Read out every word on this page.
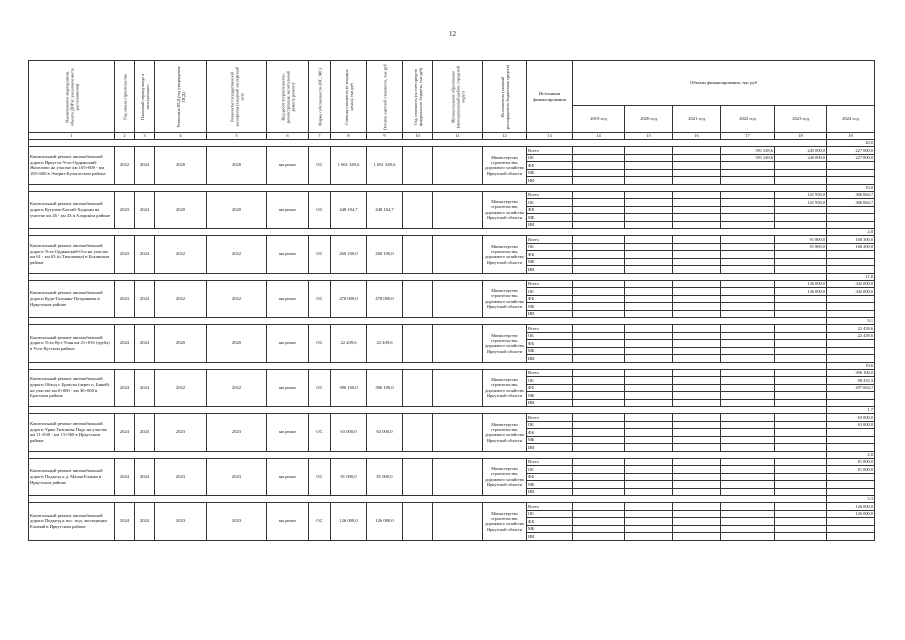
12
Наименование мероприятия, объекта ДОР (с указанием места расположения)	Год начала строительства	Плановый период ввода в эксплуатацию	Реквизиты ПСД (год утверждения ПСД)	Реквизиты государственной экспертизы (сводный экспертный акт)	Вид работ (строительство, реконструкция, капитальный ремонт, ремонт)	Форма собственности (ОС, МС)	Сметная стоимость (в текущих ценах), тыс руб	Остаток сметной стоимости, тыс руб	Год, стоимость (за счет средств федерального бюджета, тыс руб)	Муниципальное образование (муниципальный район, городской округ)	Исполнитель (главный распорядитель бюджетных средств)	Источники финансирования	Объемы финансирования, тыс руб					
													2019 год	2020 год	2021 год	2022 год	2023 год	2024 год
1	2	3	4	5	6	7	8	9	10	11	12	13	14	15	16	17	18	19
																		20,0
Капитальный ремонт автомобильной дороги Иркутск-Усть-Ордынский-Жигалово на участке км 165+600 - км 185+600 в Эхирит-Булагатском районе	2022	2024	2020	2020	кап.ремонт	ОС	1 061 349,6	1 061 349,6			Министерство строительства, дорожного хозяйства Иркутской области	Всего				591 349,6	245 000,0	227 000,0
												ОБ				591 349,6	240 000,0	227 000,0
												ФБ						
												МБ						
												ИИ						
																		19,0
Капитальный ремонт автомобильной дороги Кутулик-Бахтай-Хадахан на участке км 26 - км 43 в Аларском районе	2023	2024	2020	2020	кап.ремонт	ОС	448 104,7	448 104,7			Министерство строительства, дорожного хозяйства Иркутской области	Всего					141 950,0	306 064,7
												ОБ					141 950,0	306 064,7
												ФБ						
												МБ						
												ИИ						
																		2,0
Капитальный ремонт автомобильной дороги Усть-Ордынский-Оса на участке км 61 - км 65 (п.Тихоновка) в Боханском районе	2023	2024	2022	2022	кап.ремонт	ОС	260 100,0	260 100,0			Министерство строительства, дорожного хозяйства Иркутской области	Всего					91 800,0	168 300,0
												ОБ					91 800,0	168 300,0
												ФБ						
												МБ						
												ИИ						
																		11,8
Капитальный ремонт автомобильной дороги Куда-Тальяны-Позднякова в Иркутском районе	2023	2024	2022	2022	кап.ремонт	ОС	478 000,0	478 000,0			Министерство строительства, дорожного хозяйства Иркутской области	Всего					136 000,0	342 000,0
												ОБ					136 000,0	342 000,0
												ФБ						
												МБ						
												ИИ						
																		9,1
Капитальный ремонт автомобильной дороги Усть-Кут-Уоян км 21+816 (труба) в Усть-Кутском районе	2024	2024	2020	2020	кап.ремонт	ОС	22 439,6	22 439,6			Министерство строительства, дорожного хозяйства Иркутской области	Всего						22 439,6
												ОБ						22 439,6
												ФБ						
												МБ						
												ИИ						
																		19,6
Капитальный ремонт автомобильной дороги Обход г. Братска (через п. Бикей) на участке км 0+000 - км 30+000 в Братском районе	2024	2024	2022	2022	кап.ремонт	ОС	396 100,0	396 100,0			Министерство строительства, дорожного хозяйства Иркутской области	Всего						396 100,0
												ОБ						98 435,3
												ФБ						297 664,7
												МБ						
												ИИ						
																		1,7
Капитальный ремонт автомобильной дороги Урик-Тихонова Падь на участке км 11+830 - км 13+560 в Иркутском районе	2024	2024	2023	2023	кап.ремонт	ОС	63 000,0	63 000,0			Министерство строительства, дорожного хозяйства Иркутской области	Всего						63 000,0
												ОБ						63 000,0
												ФБ						
												МБ						
												ИИ						
																		2,8
Капитальный ремонт автомобильной дороги Подъезд к д. Малая Еланка в Иркутском районе	2024	2024	2023	2023	кап.ремонт	ОС	81 000,0	81 000,0			Министерство строительства, дорожного хозяйства Иркутской области	Всего						81 000,0
												ОБ						81 000,0
												ФБ						
												МБ						
												ИИ						
																		5,3
Капитальный ремонт автомобильной дороги Подъезд к пос. под. экспедиции Еловый в Иркутском районе	2024	2024	2023	2023	кап.ремонт	ОС	126 000,0	126 000,0			Министерство строительства, дорожного хозяйства Иркутской области	Всего						126 000,0
												ОБ						126 000,0
												ФБ						
												МБ						
												ИИ						
